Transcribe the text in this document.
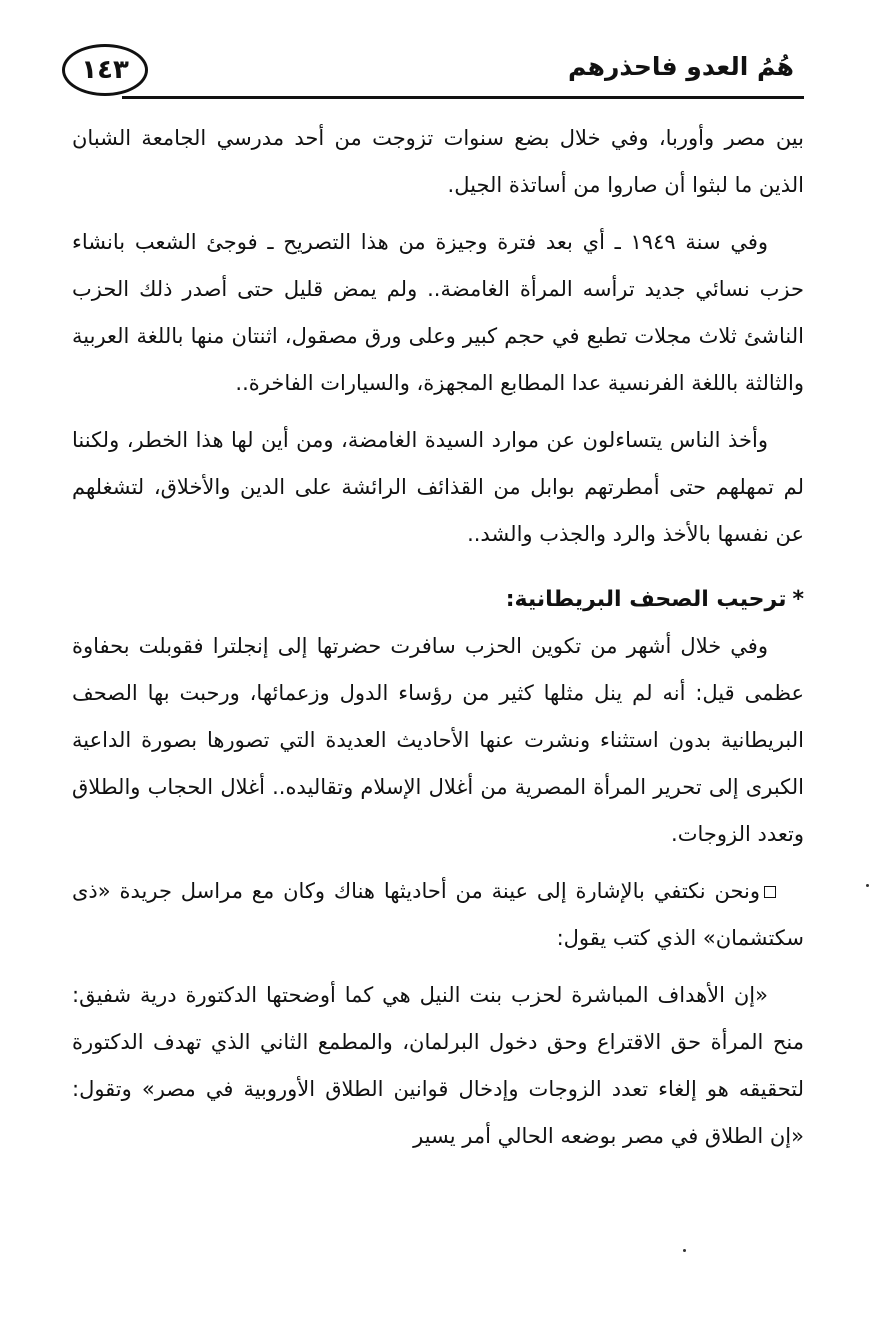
١٤٣	هُمُ العدو فاحذرهم

بين مصر وأوربا، وفي خلال بضع سنوات تزوجت من أحد مدرسي الجامعة الشبان الذين ما لبثوا أن صاروا من أساتذة الجيل.

وفي سنة ١٩٤٩ ـ أي بعد فترة وجيزة من هذا التصريح ـ فوجئ الشعب بانشاء حزب نسائي جديد ترأسه المرأة الغامضة.. ولم يمض قليل حتى أصدر ذلك الحزب الناشئ ثلاث مجلات تطبع في حجم كبير وعلى ورق مصقول، اثنتان منها باللغة العربية والثالثة باللغة الفرنسية عدا المطابع المجهزة، والسيارات الفاخرة..

وأخذ الناس يتساءلون عن موارد السيدة الغامضة، ومن أين لها هذا الخطر، ولكننا لم تمهلهم حتى أمطرتهم بوابل من القذائف الرائشة على الدين والأخلاق، لتشغلهم عن نفسها بالأخذ والرد والجذب والشد..

*ترحيب الصحف البريطانية:

وفي خلال أشهر من تكوين الحزب سافرت حضرتها إلى إنجلترا فقوبلت بحفاوة عظمى قيل: أنه لم ينل مثلها كثير من رؤساء الدول وزعمائها، ورحبت بها الصحف البريطانية بدون استثناء ونشرت عنها الأحاديث العديدة التي تصورها بصورة الداعية الكبرى إلى تحرير المرأة المصرية من أغلال الإسلام وتقاليده.. أغلال الحجاب والطلاق وتعدد الزوجات.

ونحن نكتفي بالإشارة إلى عينة من أحاديثها هناك وكان مع مراسل جريدة «ذى سكتشمان» الذي كتب يقول:

«إن الأهداف المباشرة لحزب بنت النيل هي كما أوضحتها الدكتورة درية شفيق: منح المرأة حق الاقتراع وحق دخول البرلمان، والمطمع الثاني الذي تهدف الدكتورة لتحقيقه هو إلغاء تعدد الزوجات وإدخال قوانين الطلاق الأوروبية في مصر» وتقول: «إن الطلاق في مصر بوضعه الحالي أمر يسير
